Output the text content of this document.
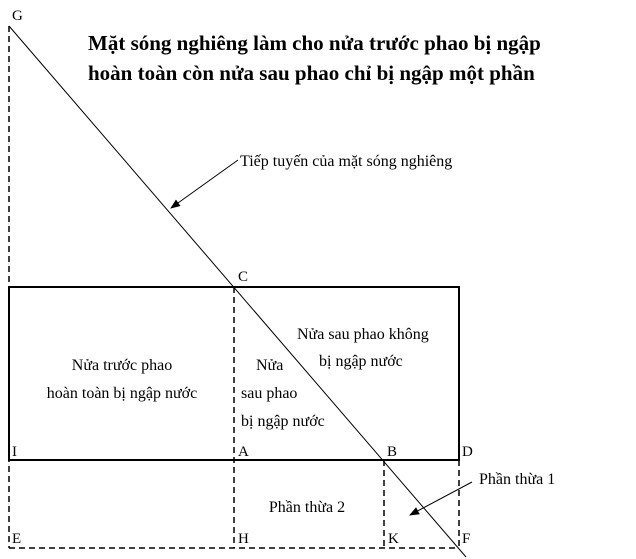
Mặt sóng nghiêng làm cho nửa trước phao bị ngập
hoàn toàn còn nửa sau phao chỉ bị ngập một phần
G
C
I	A	B	D
E	H	K	F
Tiếp tuyến của mặt sóng nghiêng
Nửa trước phao
hoàn toàn bị ngập nước
Nửa
sau phao
bị ngập nước
Nửa sau phao không
bị ngập nước
Phần thừa 1
Phần thừa 2
